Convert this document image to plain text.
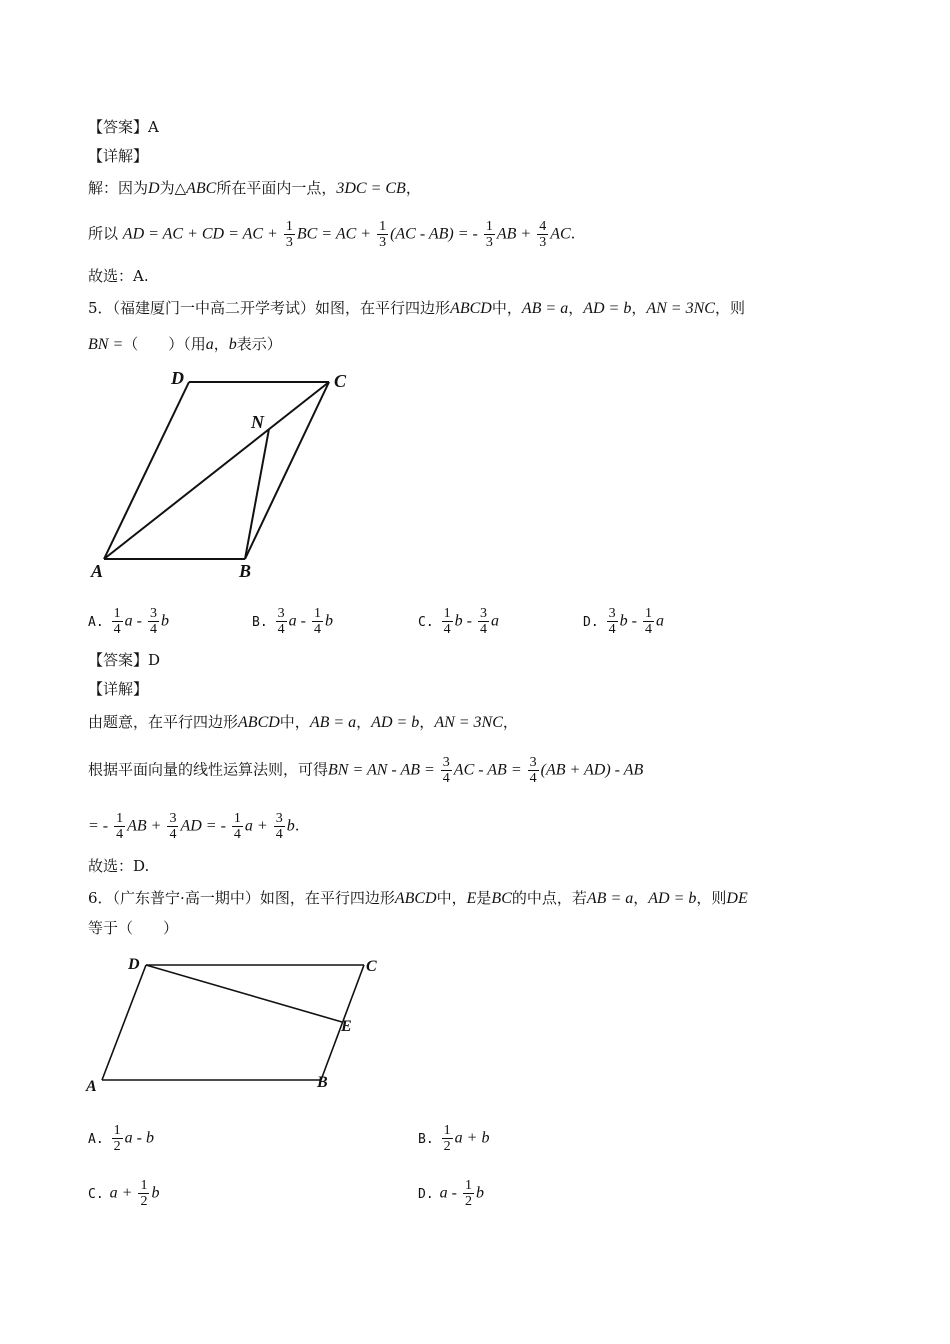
【答案】A
【详解】
解：因为D为△ABC所在平面内一点，3DC = CB，
所以 AD = AC + CD = AC + $\frac{1}{3}$ BC = AC + $\frac{1}{3} (AC - AB)$ = - $\frac{1}{3}$ AB + $\frac{4}{3}$ AC.
故选：A.
5．（福建厦门一中高二开学考试）如图，在平行四边形ABCD中，AB = a，AD = b，AN = 3NC，则
BN =（　　）（用a，b表示）
D	C
N
A	B
A. $\frac{1}{4}$ a - $\frac{3}{4}$ b	B. $\frac{3}{4}$ a - $\frac{1}{4}$ b	C. $\frac{1}{4}$ b - $\frac{3}{4}$ a	D. $\frac{3}{4}$ b - $\frac{1}{4}$ a
【答案】D
【详解】
由题意，在平行四边形ABCD中，AB = a，AD = b，AN = 3NC，
根据平面向量的线性运算法则，可得BN = AN - AB = $\frac{3}{4}$ AC - AB = $\frac{3}{4} (AB + AD)$ - AB
= - $\frac{1}{4}$ AB + $\frac{3}{4}$ AD = - $\frac{1}{4}$ $a + \frac{3}{4} b$.
故选：D.
6．（广东普宁·高一期中）如图，在平行四边形ABCD中，E是BC的中点，若AB = a，AD = b，则DE
等于（　　）
D	C
E
A	B
A. $\frac{1}{2}$ a - b	B. $\frac{1}{2}$ a + b
C. $a + \frac{1}{2}$ b	D. a - $\frac{1}{2}$ b
